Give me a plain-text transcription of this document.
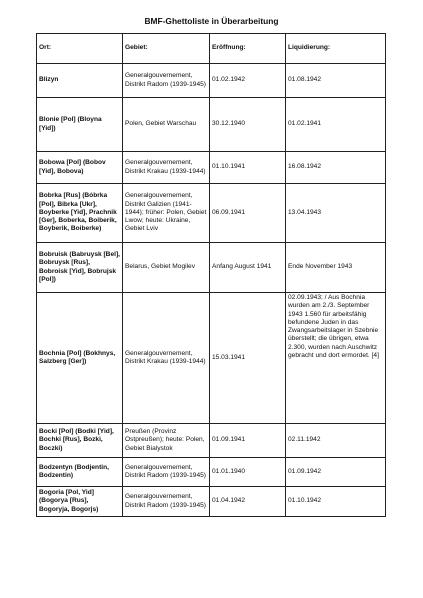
BMF-Ghettoliste in Überarbeitung
Ort:	Gebiet:	Eröffnung:	Liquidierung:
Blizyn	Generalgouvernement, Distrikt Radom (1939-1945)	01.02.1942	01.08.1942
Blonie [Pol] (Bloyna [Yid])	Polen, Gebiet Warschau	30.12.1940	01.02.1941
Bobowa [Pol] (Bobov [Yid], Bobova)	Generalgouvernement, Distrikt Krakau (1939-1944)	01.10.1941	16.08.1942
Bobrka [Rus] (Bóbrka [Pol], Bibrka [Ukr], Boyberke [Yid], Prachnik [Ger], Boberka, Boiberik, Boyberik, Boiberke)	Generalgouvernement, Distrikt Galizien (1941-1944); früher: Polen, Gebiet Lwow; heute: Ukraine, Gebiet Lviv	06.09.1941	13.04.1943
Bobruisk (Babruysk [Bel], Bobruysk [Rus], Bobroisk [Yid], Bobrujsk [Pol])	Belarus, Gebiet Mogilev	Anfang August 1941	Ende November 1943
Bochnia [Pol] (Bokhnys, Salzberg [Ger])	Generalgouvernement, Distrikt Krakau (1939-1944)	15.03.1941	02.09.1943; / Aus Bochnia wurden am 2./3. September 1943 1.560 für arbeitsfähig befundene Juden in das Zwangsarbeitslager in Szebnie überstellt; die übrigen, etwa 2.300, wurden nach Auschwitz gebracht und dort ermordet. [4]
Bocki [Pol] (Bodki [Yid], Bochki [Rus], Bozki, Boczki)	Preußen (Provinz Ostpreußen); heute: Polen, Gebiet Bialystok	01.09.1941	02.11.1942
Bodzentyn (Bodjentin, Bodzentin)	Generalgouvernement, Distrikt Radom (1939-1945)	01.01.1940	01.09.1942
Bogoria [Pol, Yid] (Bogorya [Rus], Bogoryja, Bogorjs)	Generalgouvernement, Distrikt Radom (1939-1945)	01.04.1942	01.10.1942
